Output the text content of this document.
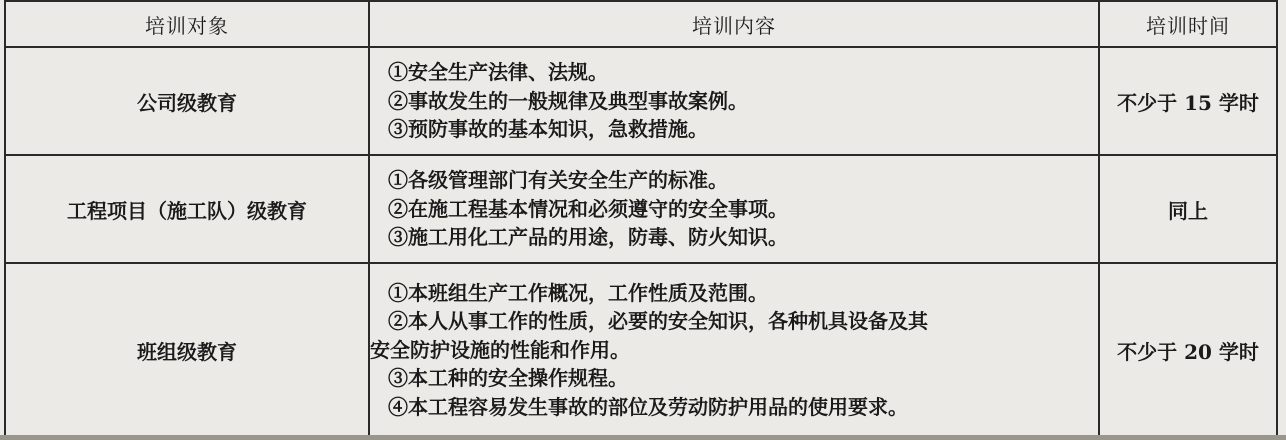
培训对象	培训内容	培训时间
公司级教育	①安全生产法律、法规。
②事故发生的一般规律及典型事故案例。
③预防事故的基本知识，急救措施。	不少于 15 学时
工程项目（施工队）级教育	①各级管理部门有关安全生产的标准。
②在施工程基本情况和必须遵守的安全事项。
③施工用化工产品的用途，防毒、防火知识。	同上
班组级教育	①本班组生产工作概况，工作性质及范围。
②本人从事工作的性质，必要的安全知识，各种机具设备及其
安全防护设施的性能和作用。
③本工种的安全操作规程。
④本工程容易发生事故的部位及劳动防护用品的使用要求。	不少于 20 学时
